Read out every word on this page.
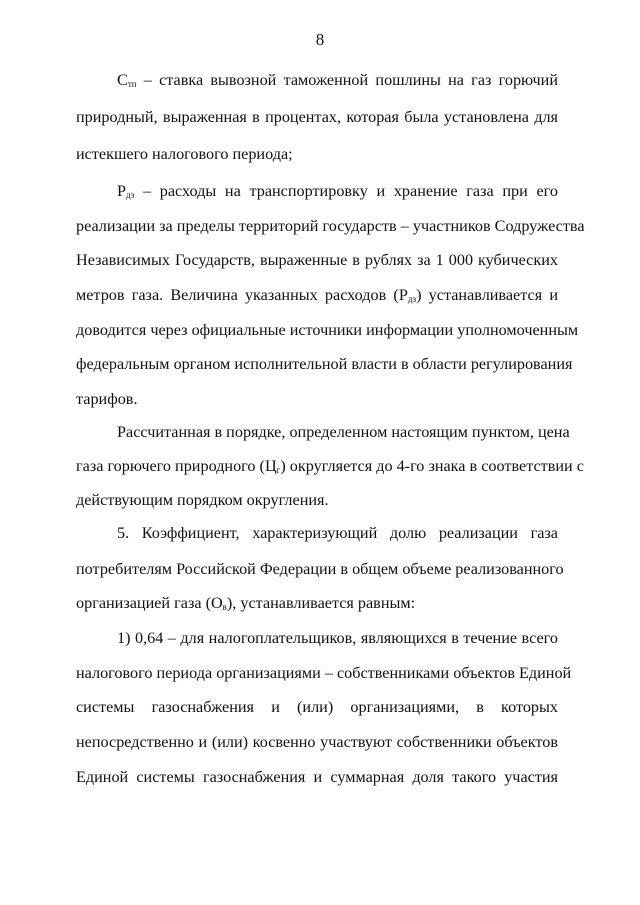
8
$С_{тп}$ – ставка вывозной таможенной пошлины на газ горючий
природный, выраженная в процентах, которая была установлена для
истекшего налогового периода;
$Р_{дз}$ – расходы на транспортировку и хранение газа при его
реализации за пределы территорий государств – участников Содружества
Независимых Государств, выраженные в рублях за 1 000 кубических
метров газа. Величина указанных расходов $(Р_{дз})$ устанавливается и
доводится через официальные источники информации уполномоченным
федеральным органом исполнительной власти в области регулирования
тарифов.
Рассчитанная в порядке, определенном настоящим пунктом, цена
газа горючего природного $(Ц_г)$ округляется до 4-го знака в соответствии с
действующим порядком округления.
5. Коэффициент, характеризующий долю реализации газа
потребителям Российской Федерации в общем объеме реализованного
организацией газа $(О_в)$, устанавливается равным:
1) 0,64 – для налогоплательщиков, являющихся в течение всего
налогового периода организациями – собственниками объектов Единой
системы газоснабжения и (или) организациями, в которых
непосредственно и (или) косвенно участвуют собственники объектов
Единой системы газоснабжения и суммарная доля такого участия
